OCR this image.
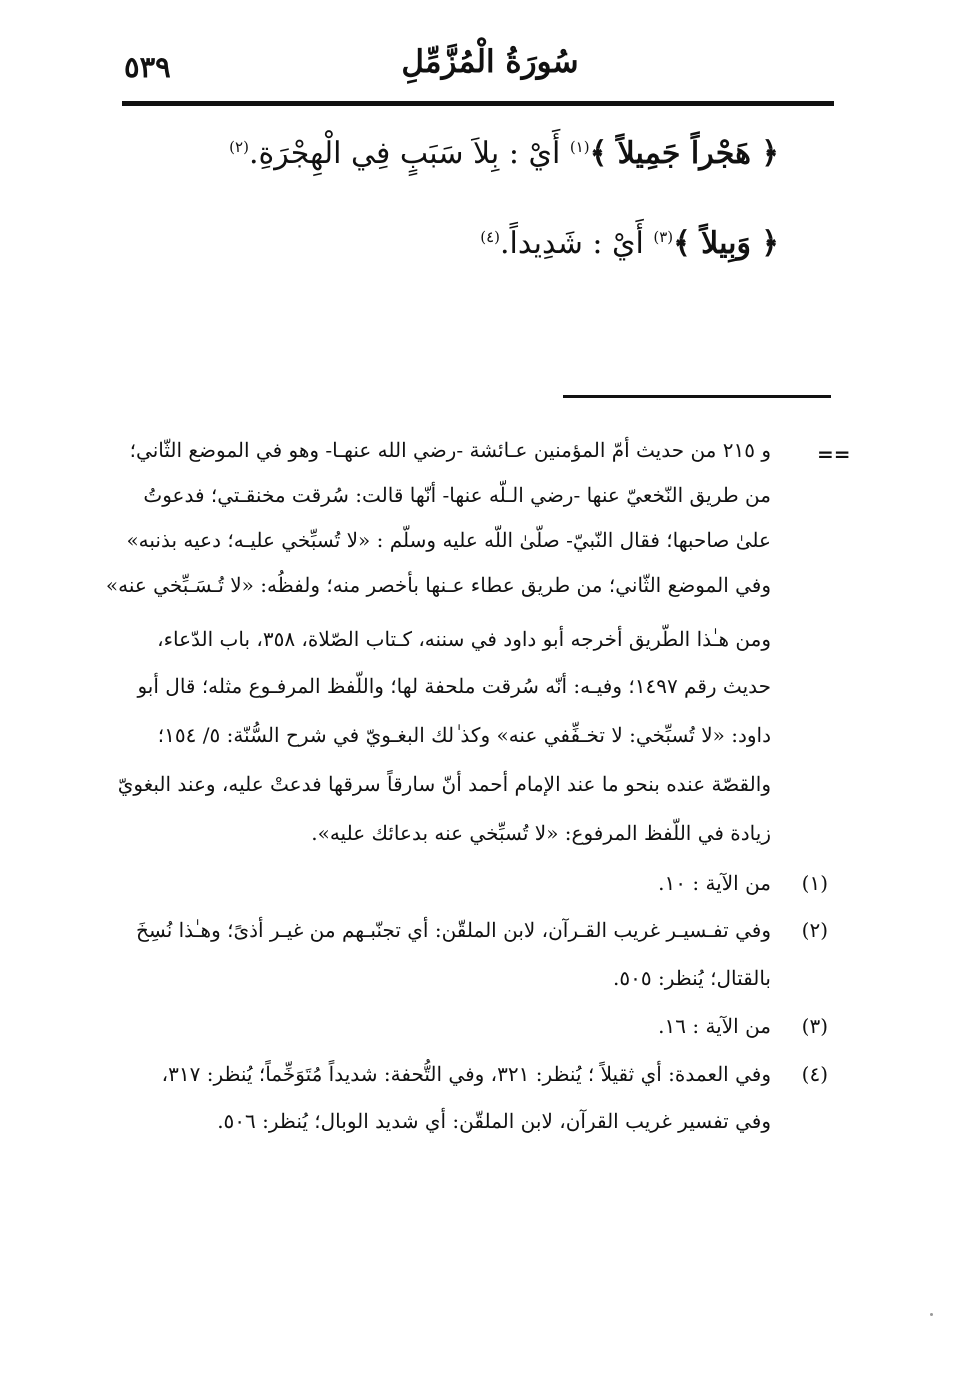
٥٣٩	سُورَةُ الْمُزَّمِّلِ
﴿ هَجْراً جَمِيلاً ﴾$^{(١)}$ أَيْ : بِلاَ سَبَبٍ فِي الْهِجْرَةِ.$^{(٢)}$
﴿ وَبِيلاً ﴾$^{(٣)}$ أَيْ : شَدِيداً.$^{(٤)}$
==
و ٢١٥ من حديث أمّ المؤمنين عـائشة -رضي الله عنهـا- وهو في الموضع الثّاني؛
من طريق النّخعيّ عنها -رضي الـلّه عنها- أنّها قالت: سُرقت مخنقـتي؛ فدعوتُ
علىٰ صاحبها؛ فقال النّبيّ- صلّىٰ اللّه عليه وسلّم : «لا تُسبِّخي عليـه؛ دعيه بذنبه»
وفي الموضع الثّاني؛ من طريق عطاء عـنها بأخصر منه؛ ولفظُه: «لا تُـسَـبِّخي عنه»
ومن هـٰذا الطّريق أخرجه أبو داود في سننه، كـتاب الصّلاة، ٣٥٨، باب الدّعاء،
حديث رقم ١٤٩٧؛ وفيـه: أنّه سُرقت ملحفة لها؛ واللّفظ المرفـوع مثله؛ قال أبو
داود: «لا تُسبِّخي: لا تخـفِّفي عنه» وكذ ٰلك البغـويّ في شرح السُّنّة: ٥/ ١٥٤؛
والقصّة عنده بنحو ما عند الإمام أحمد أنّ سارقاً سرقها فدعتْ عليه، وعند البغويّ
زيادة في اللّفظ المرفوع: «لا تُسبِّخي عنه بدعائك عليه».
(١)
من الآية : ١٠.
(٢)
وفي تفـسيـر غريب القـرآن، لابن الملقّن: أي تجنّبـهم من غيـر أذىً؛ وهـٰذا نُسِخَ
بالقتال؛ يُنظر: ٥٠٥.
(٣)
من الآية : ١٦.
(٤)
وفي العمدة: أي ثقيلاً ؛ يُنظر: ٣٢١، وفي التُّحفة: شديداً مُتَوَخِّماً؛ يُنظر: ٣١٧،
وفي تفسير غريب القرآن، لابن الملقّن: أي شديد الوبال؛ يُنظر: ٥٠٦.
